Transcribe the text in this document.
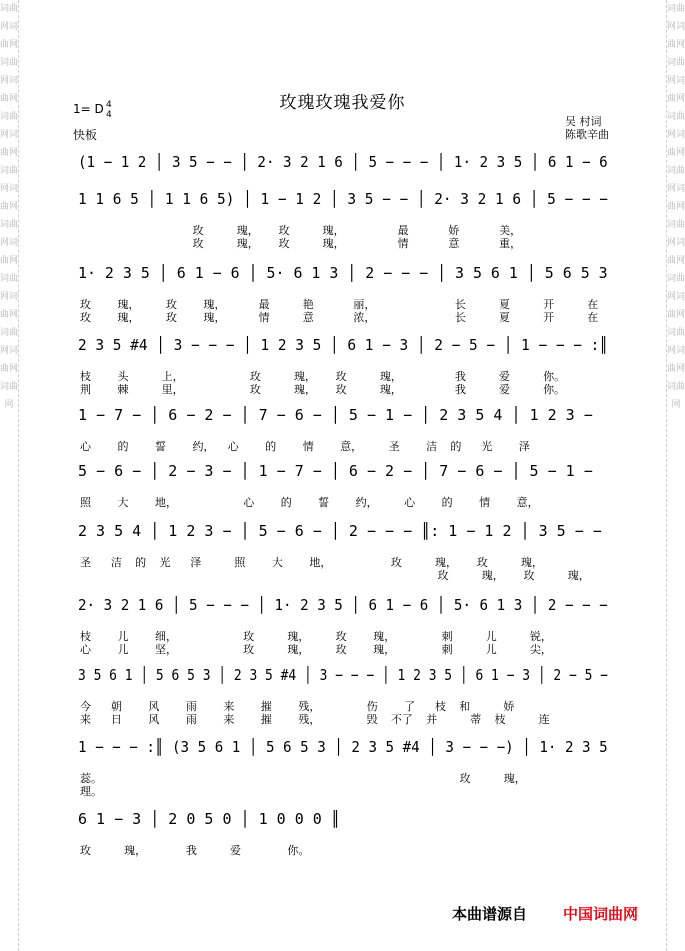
词曲网词曲网词曲网词曲网词曲网词曲网词曲网词曲网词曲网词曲网词曲网词曲网词曲网词曲网词曲网
词曲网词曲网词曲网词曲网词曲网词曲网词曲网词曲网词曲网词曲网词曲网词曲网词曲网词曲网词曲网
玫瑰玫瑰我爱你
1= D 4
4
快板
吴 村词
陈歌辛曲
(1 − 1 2 │ 3 5 − − │ 2· 3 2 1 6 │ 5 − − − │ 1· 2 3 5 │ 6 1 − 6
1 1 6 5 │ 1 1 6 5) │ 1 − 1 2 │ 3 5 − − │ 2· 3 2 1 6 │ 5 − − −
玫     瑰，   玫     瑰，        最      娇      美，
玫     瑰，   玫     瑰，        情      意      重，
1· 2 3 5 │ 6 1 − 6 │ 5· 6 1 3 │ 2 − − − │ 3 5 6 1 │ 5 6 5 3
玫    瑰，    玫    瑰，     最     艳      丽，            长     夏     开     在
玫    瑰，    玫    瑰，     情     意      浓，            长     夏     开     在
2 3 5 #4 │ 3 − − − │ 1 2 3 5 │ 6 1 − 3 │ 2 − 5 − │ 1 − − − :║
枝    头     上，          玫     瑰，   玫     瑰，        我     爱     你。
荆    棘     里，          玫     瑰，   玫     瑰，        我     爱     你。
1 − 7 − │ 6 − 2 − │ 7 − 6 − │ 5 − 1 − │ 2 3 5 4 │ 1 2 3 −
心    的    誓    约，  心    的    情    意，    圣    洁  的   光    泽
5 − 6 − │ 2 − 3 − │ 1 − 7 − │ 6 − 2 − │ 7 − 6 − │ 5 − 1 −
照    大    地，          心    的    誓    约，    心    的    情    意，
2 3 5 4 │ 1 2 3 − │ 5 − 6 − │ 2 − − − ║: 1 − 1 2 │ 3 5 − −
圣   洁  的  光   泽     照    大    地，         玫     瑰，   玫     瑰，
玫     瑰，   玫     瑰，
2· 3 2 1 6 │ 5 − − − │ 1· 2 3 5 │ 6 1 − 6 │ 5· 6 1 3 │ 2 − − −
枝    儿    细，          玫     瑰，    玫    瑰，       刺     儿     锐，
心    儿    坚，          玫     瑰，    玫    瑰，       刺     儿     尖，
3 5 6 1 │ 5 6 5 3 │ 2 3 5 #4 │ 3 − − − │ 1 2 3 5 │ 6 1 − 3 │ 2 − 5 −
今   朝    风    雨    来    摧    残，       伤    了   枝  和     娇
来   日    风    雨    来    摧    残，       毁  不了  并     蒂  枝     连
1 − − − :║ (3 5 6 1 │ 5 6 5 3 │ 2 3 5 #4 │ 3 − − −) │ 1· 2 3 5
蕊。                                                      玫     瑰，
理。
6 1 − 3 │ 2 0 5 0 │ 1 0 0 0 ║
玫     瑰，      我     爱       你。
本曲谱源自 中国词曲网
